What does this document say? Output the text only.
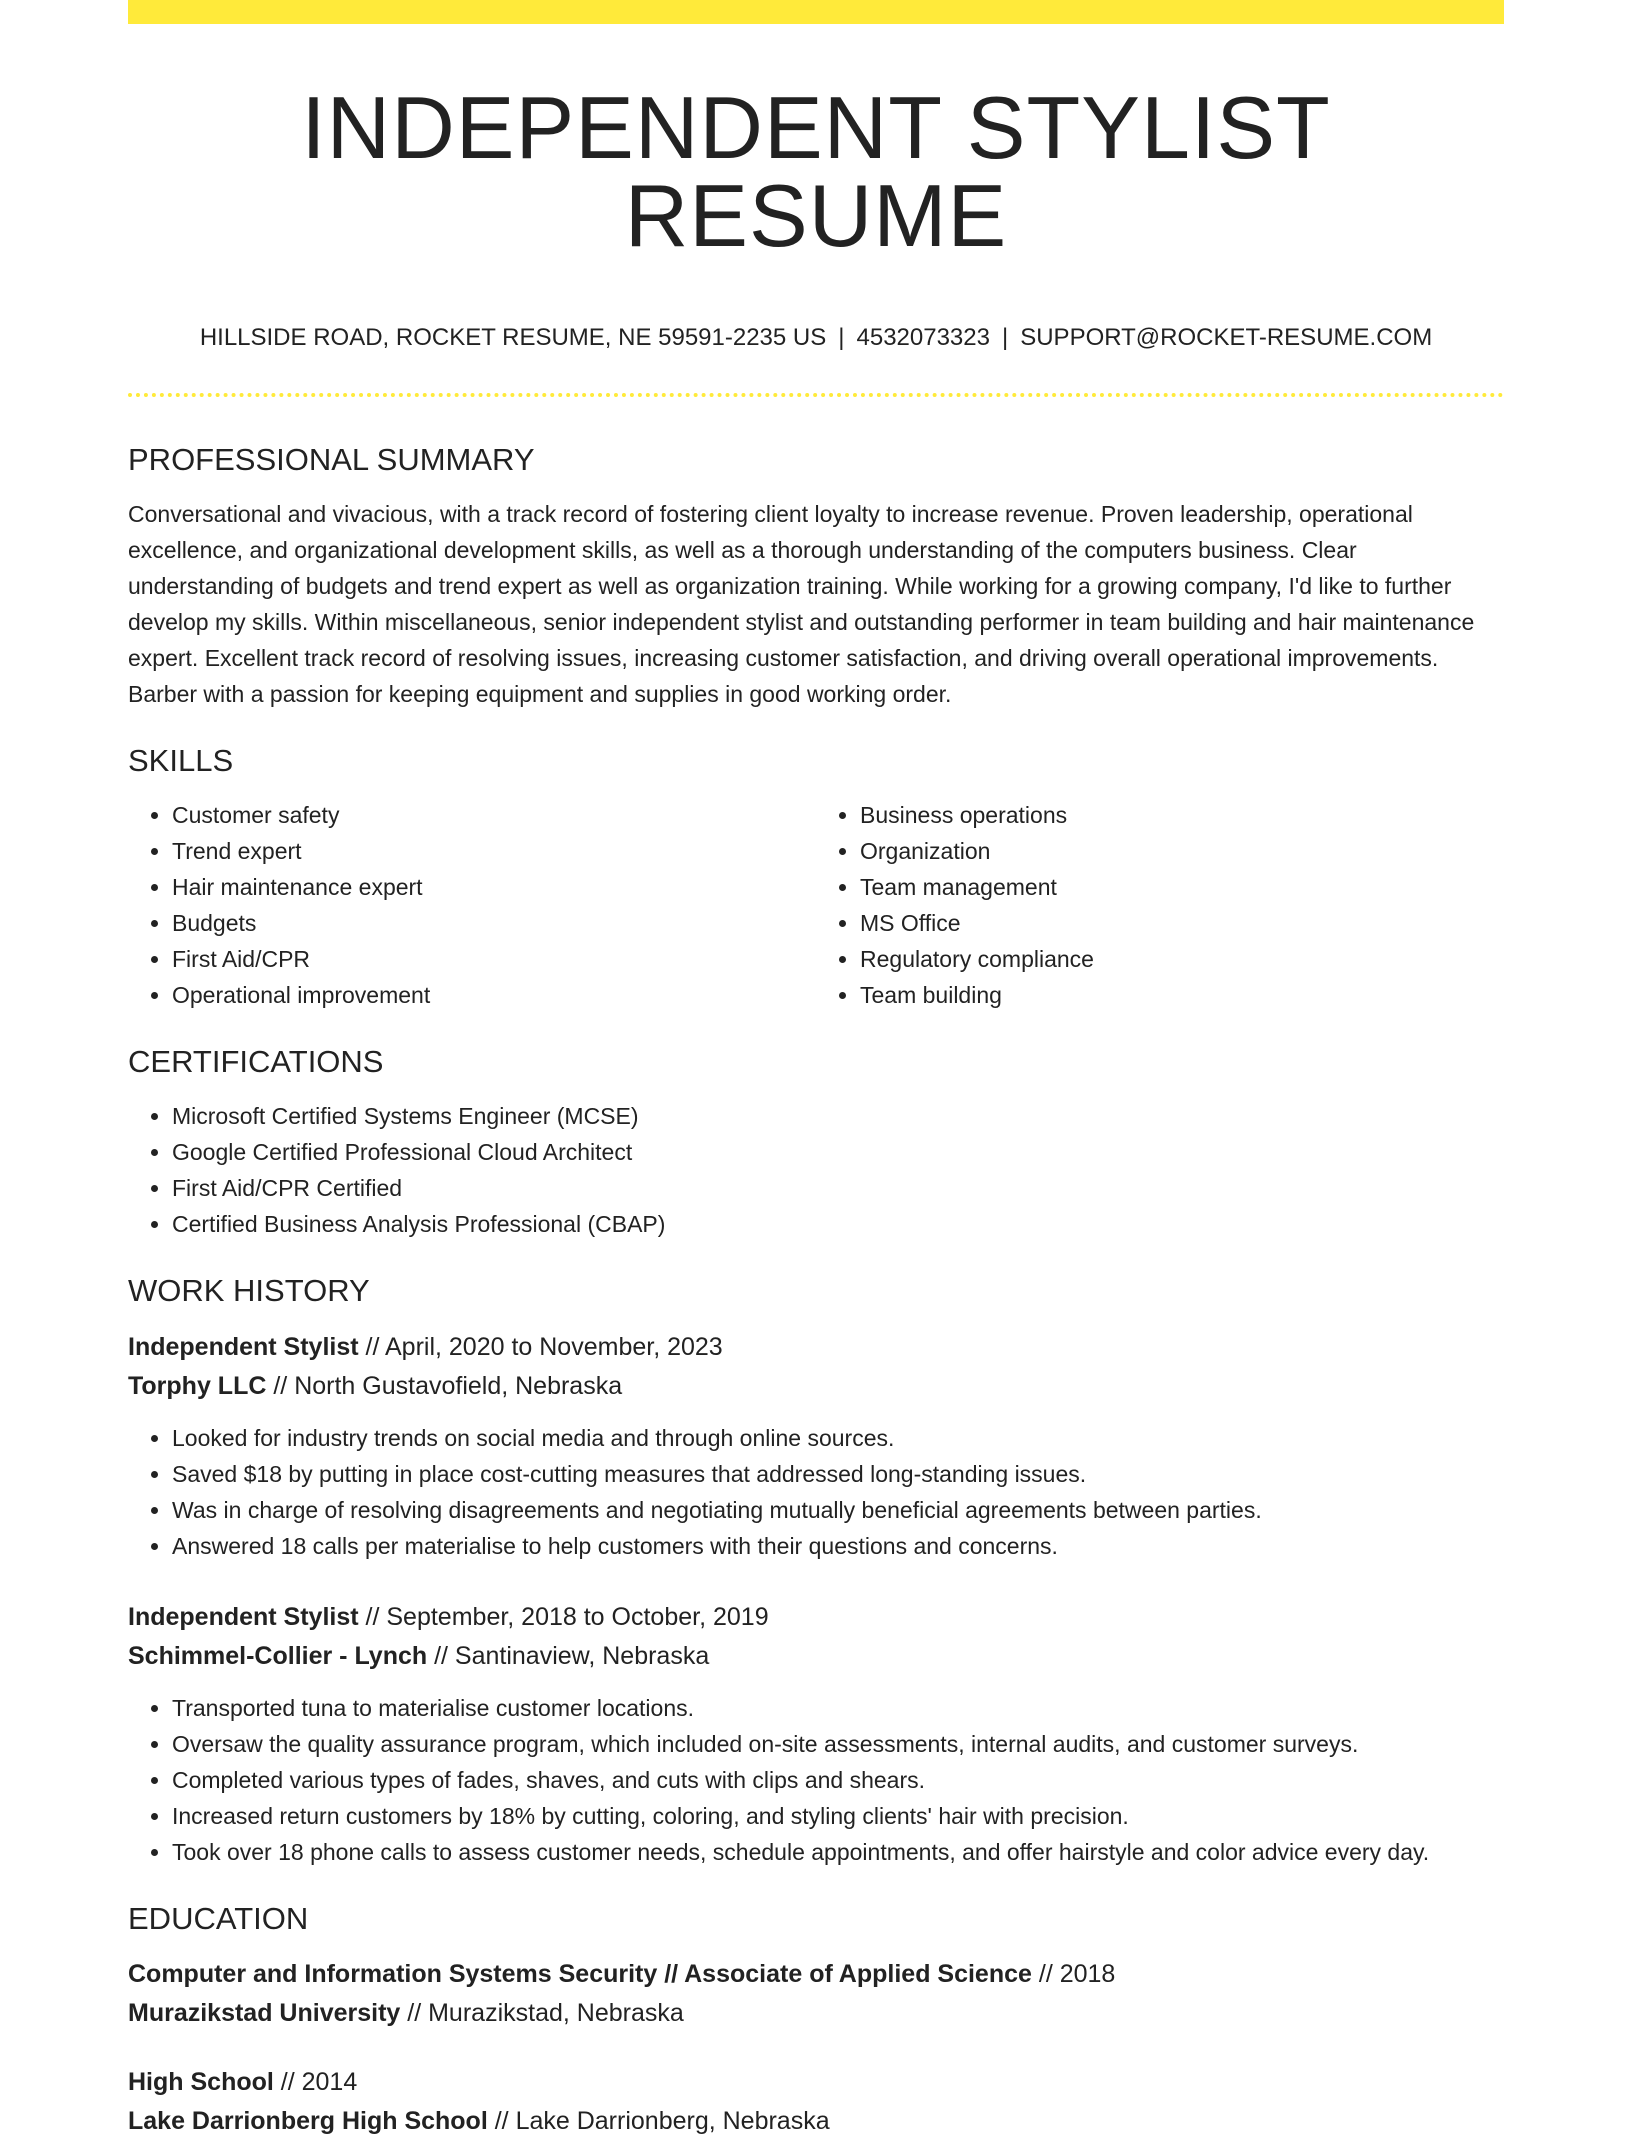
INDEPENDENT STYLIST RESUME
HILLSIDE ROAD, ROCKET RESUME, NE 59591-2235 US | 4532073323 | SUPPORT@ROCKET-RESUME.COM
PROFESSIONAL SUMMARY

Conversational and vivacious, with a track record of fostering client loyalty to increase revenue. Proven leadership, operational excellence, and organizational development skills, as well as a thorough understanding of the computers business. Clear understanding of budgets and trend expert as well as organization training. While working for a growing company, I'd like to further develop my skills. Within miscellaneous, senior independent stylist and outstanding performer in team building and hair maintenance expert. Excellent track record of resolving issues, increasing customer satisfaction, and driving overall operational improvements. Barber with a passion for keeping equipment and supplies in good working order.

SKILLS
• Customer safety
• Trend expert
• Hair maintenance expert
• Budgets
• First Aid/CPR
• Operational improvement
• Business operations
• Organization
• Team management
• MS Office
• Regulatory compliance
• Team building
CERTIFICATIONS
• Microsoft Certified Systems Engineer (MCSE)
• Google Certified Professional Cloud Architect
• First Aid/CPR Certified
• Certified Business Analysis Professional (CBAP)
WORK HISTORY

Independent Stylist // April, 2020 to November, 2023

Torphy LLC // North Gustavofield, Nebraska

• Looked for industry trends on social media and through online sources.
• Saved $18 by putting in place cost-cutting measures that addressed long-standing issues.
• Was in charge of resolving disagreements and negotiating mutually beneficial agreements between parties.
• Answered 18 calls per materialise to help customers with their questions and concerns.

Independent Stylist // September, 2018 to October, 2019

Schimmel-Collier - Lynch // Santinaview, Nebraska

• Transported tuna to materialise customer locations.
• Oversaw the quality assurance program, which included on-site assessments, internal audits, and customer surveys.
• Completed various types of fades, shaves, and cuts with clips and shears.
• Increased return customers by 18% by cutting, coloring, and styling clients' hair with precision.
• Took over 18 phone calls to assess customer needs, schedule appointments, and offer hairstyle and color advice every day.
EDUCATION

Computer and Information Systems Security // Associate of Applied Science // 2018

Murazikstad University // Murazikstad, Nebraska

High School // 2014

Lake Darrionberg High School // Lake Darrionberg, Nebraska
